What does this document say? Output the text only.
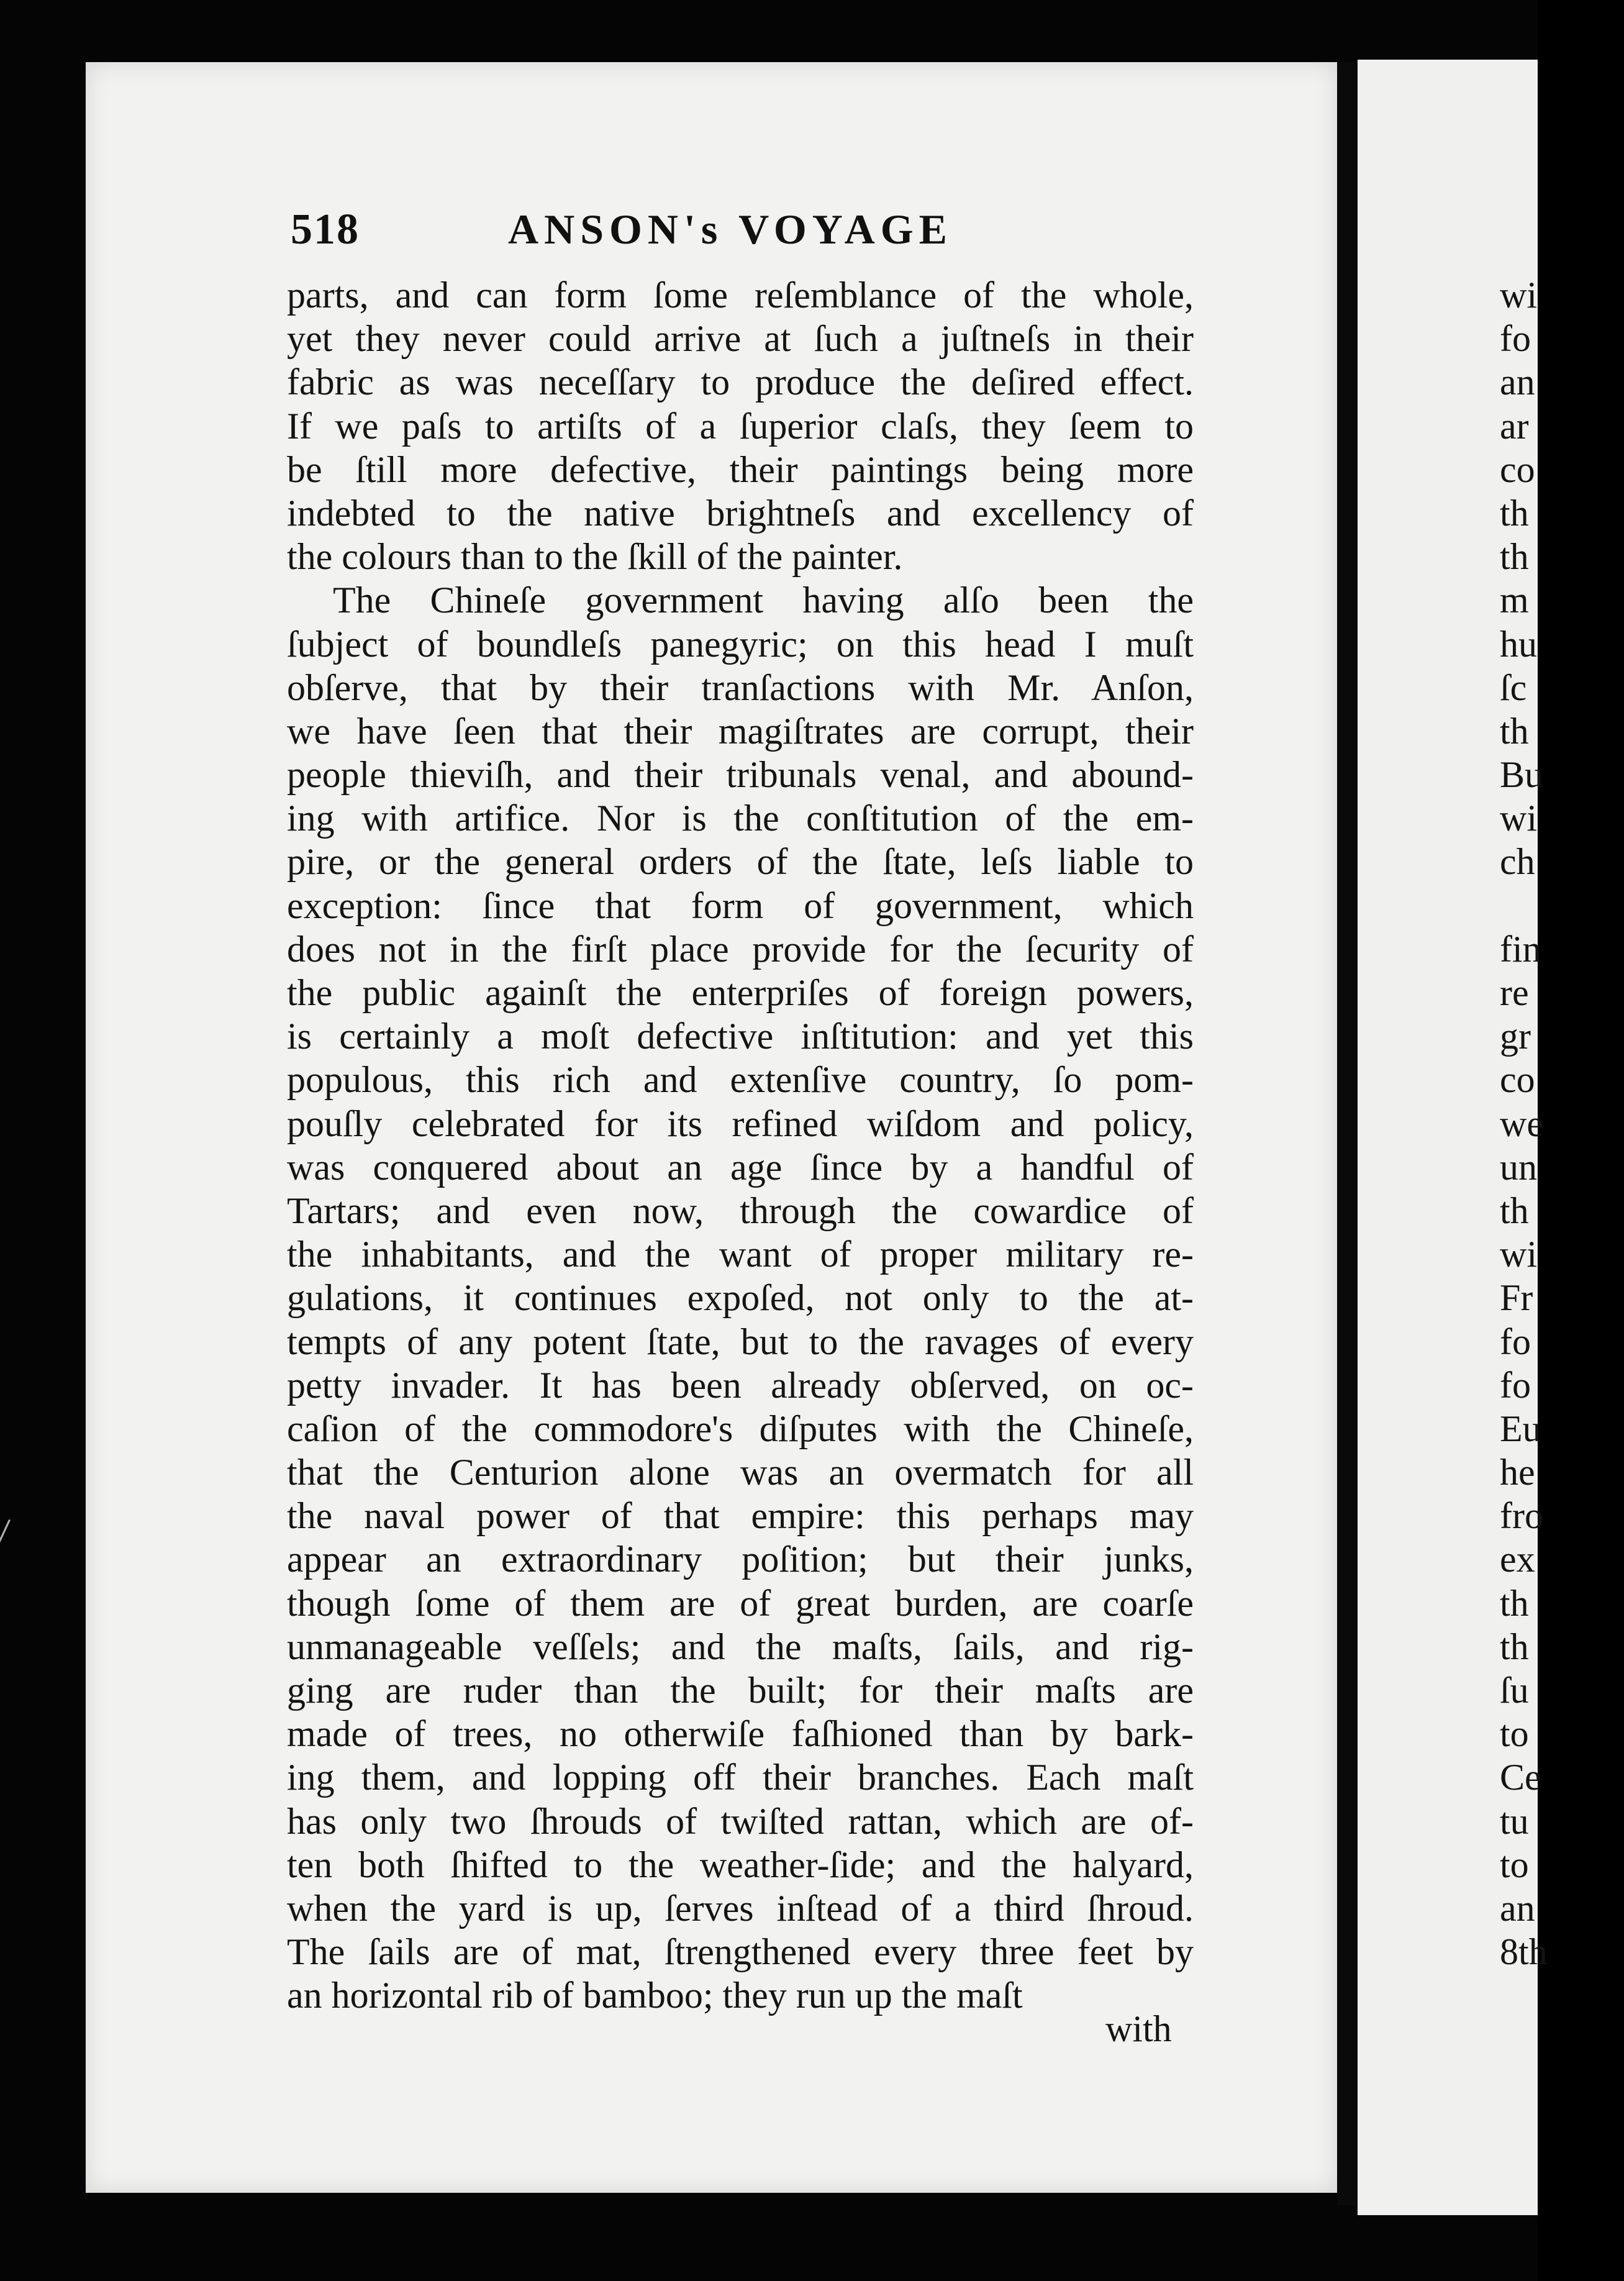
518	ANSON's VOYAGE
parts, and can form ſome reſemblance of the whole,
yet they never could arrive at ſuch a juſtneſs in their
fabric as was neceſſary to produce the deſired effect.
If we paſs to artiſts of a ſuperior claſs, they ſeem to
be ſtill more defective, their paintings being more
indebted to the native brightneſs and excellency of
the colours than to the ſkill of the painter.
The Chineſe government having alſo been the
ſubject of boundleſs panegyric; on this head I muſt
obſerve, that by their tranſactions with Mr. Anſon,
we have ſeen that their magiſtrates are corrupt, their
people thieviſh, and their tribunals venal, and abound-
ing with artifice. Nor is the conſtitution of the em-
pire, or the general orders of the ſtate, leſs liable to
exception: ſince that form of government, which
does not in the firſt place provide for the ſecurity of
the public againſt the enterpriſes of foreign powers,
is certainly a moſt defective inſtitution: and yet this
populous, this rich and extenſive country, ſo pom-
pouſly celebrated for its refined wiſdom and policy,
was conquered about an age ſince by a handful of
Tartars; and even now, through the cowardice of
the inhabitants, and the want of proper military re-
gulations, it continues expoſed, not only to the at-
tempts of any potent ſtate, but to the ravages of every
petty invader. It has been already obſerved, on oc-
caſion of the commodore's diſputes with the Chineſe,
that the Centurion alone was an overmatch for all
the naval power of that empire: this perhaps may
appear an extraordinary poſition; but their junks,
though ſome of them are of great burden, are coarſe
unmanageable veſſels; and the maſts, ſails, and rig-
ging are ruder than the built; for their maſts are
made of trees, no otherwiſe faſhioned than by bark-
ing them, and lopping off their branches. Each maſt
has only two ſhrouds of twiſted rattan, which are of-
ten both ſhifted to the weather-ſide; and the halyard,
when the yard is up, ſerves inſtead of a third ſhroud.
The ſails are of mat, ſtrengthened every three feet by
an horizontal rib of bamboo; they run up the maſt
with
wi
fo
an
ar
co
th
th
m
hu
ſc
th
Bu
wi
ch
fin
re
gr
co
we
un
th
wi
Fr
fo
fo
Eu
he
fro
ex
th
th
ſu
to
Ce
tu
to
an
8th
